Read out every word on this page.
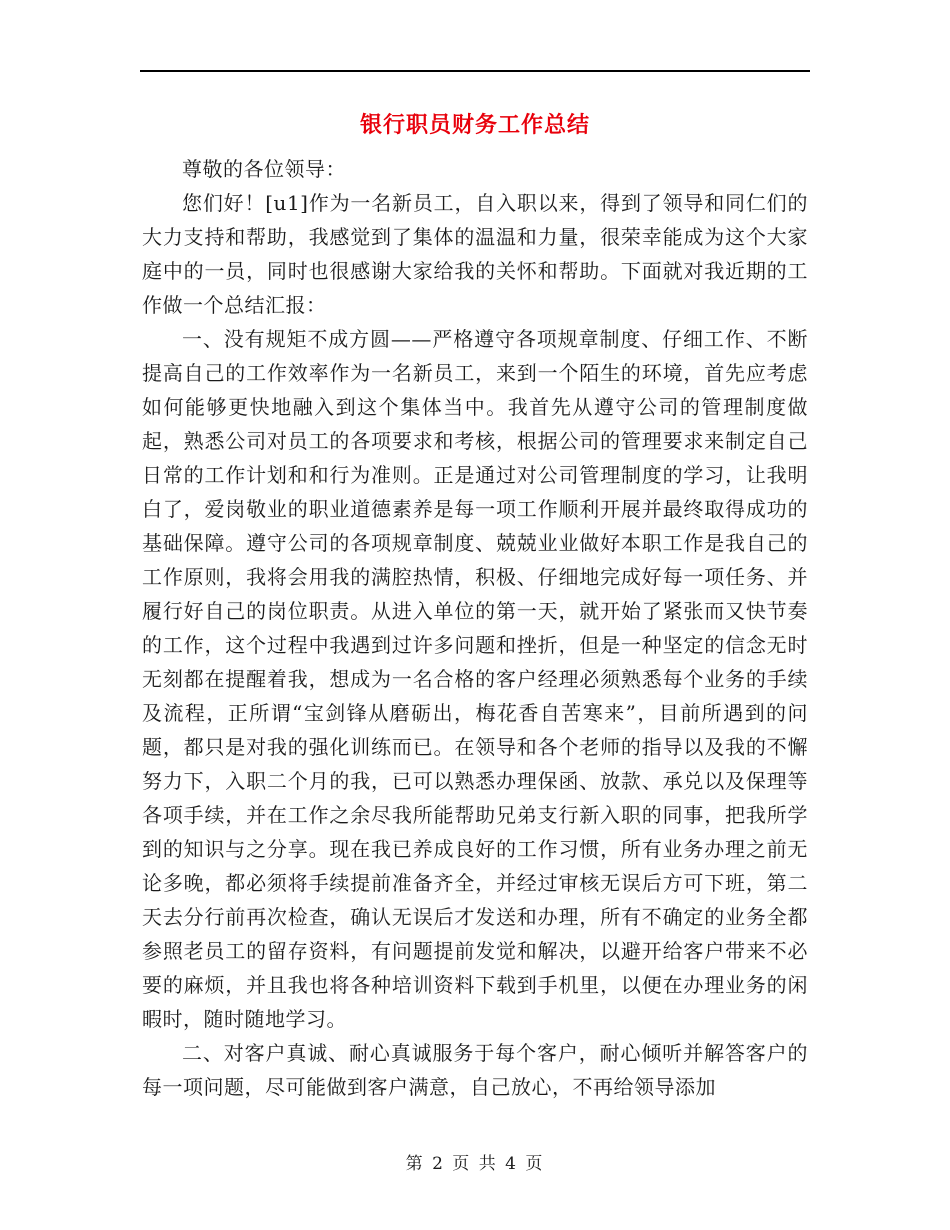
银行职员财务工作总结

尊敬的各位领导：

您们好！[u1]作为一名新员工，自入职以来，得到了领导和同仁们的大力支持和帮助，我感觉到了集体的温温和力量，很荣幸能成为这个大家庭中的一员，同时也很感谢大家给我的关怀和帮助。下面就对我近期的工作做一个总结汇报：

一、没有规矩不成方圆——严格遵守各项规章制度、仔细工作、不断提高自己的工作效率作为一名新员工，来到一个陌生的环境，首先应考虑如何能够更快地融入到这个集体当中。我首先从遵守公司的管理制度做起，熟悉公司对员工的各项要求和考核，根据公司的管理要求来制定自己日常的工作计划和和行为准则。正是通过对公司管理制度的学习，让我明白了，爱岗敬业的职业道德素养是每一项工作顺利开展并最终取得成功的基础保障。遵守公司的各项规章制度、兢兢业业做好本职工作是我自己的工作原则，我将会用我的满腔热情，积极、仔细地完成好每一项任务、并履行好自己的岗位职责。从进入单位的第一天，就开始了紧张而又快节奏的工作，这个过程中我遇到过许多问题和挫折，但是一种坚定的信念无时无刻都在提醒着我，想成为一名合格的客户经理必须熟悉每个业务的手续及流程，正所谓“宝剑锋从磨砺出，梅花香自苦寒来”，目前所遇到的问题，都只是对我的强化训练而已。在领导和各个老师的指导以及我的不懈努力下，入职二个月的我，已可以熟悉办理保函、放款、承兑以及保理等各项手续，并在工作之余尽我所能帮助兄弟支行新入职的同事，把我所学到的知识与之分享。现在我已养成良好的工作习惯，所有业务办理之前无论多晚，都必须将手续提前准备齐全，并经过审核无误后方可下班，第二天去分行前再次检查，确认无误后才发送和办理，所有不确定的业务全都参照老员工的留存资料，有问题提前发觉和解决，以避开给客户带来不必要的麻烦，并且我也将各种培训资料下载到手机里，以便在办理业务的闲暇时，随时随地学习。

二、对客户真诚、耐心真诚服务于每个客户，耐心倾听并解答客户的每一项问题，尽可能做到客户满意，自己放心，不再给领导添加

第 2 页 共 4 页
